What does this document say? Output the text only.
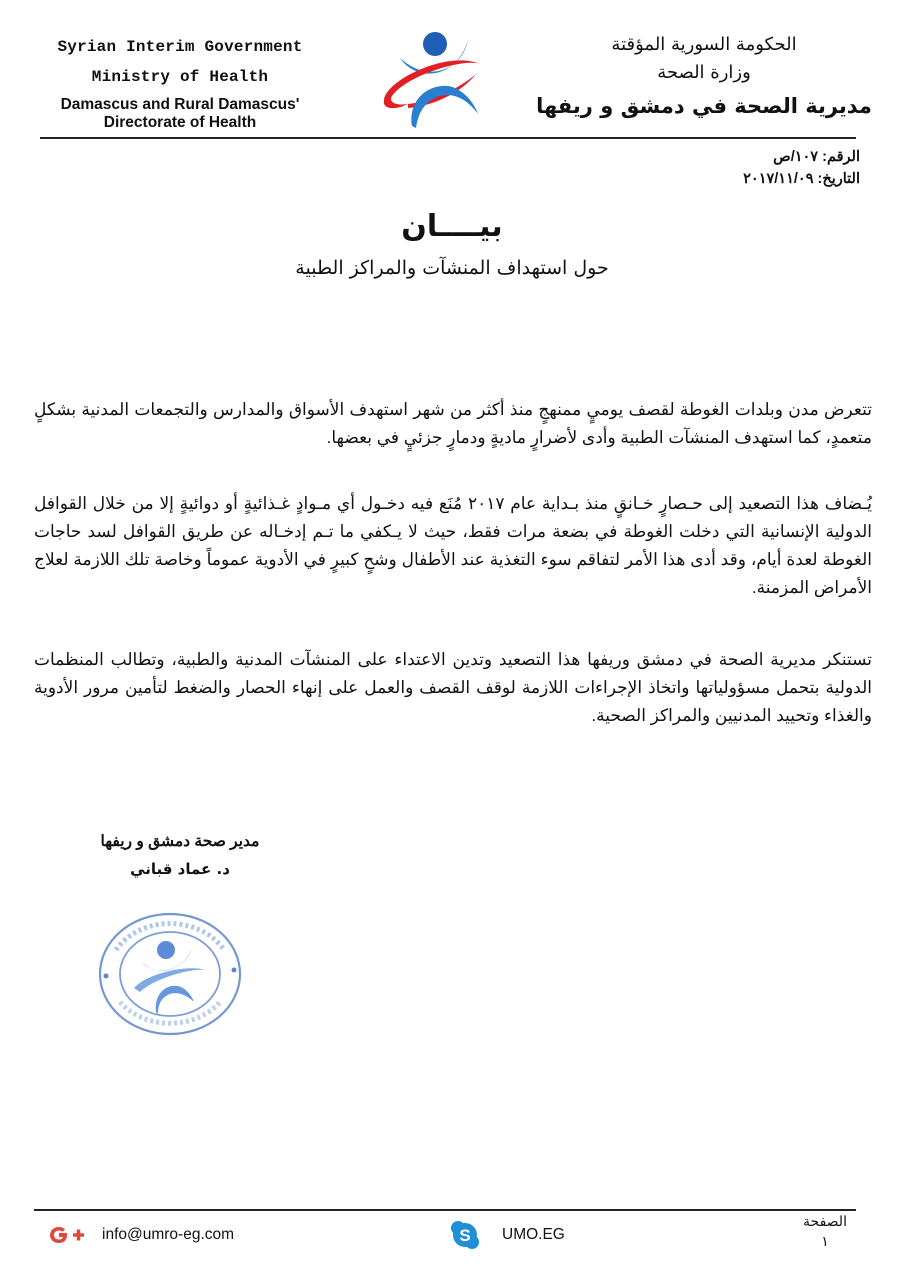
Syrian Interim Government
Ministry of Health
Damascus and Rural Damascus'
Directorate of Health
الحكومة السورية المؤقتة
وزارة الصحة
مديرية الصحة في دمشق و ريفها
الرقم: ١٠٧/ص
التاريخ: ٢٠١٧/١١/٠٩
بيــــان
حول استهداف المنشآت والمراكز الطبية
تتعرض مدن وبلدات الغوطة لقصف يوميٍ ممنهجٍ منذ أكثر من شهر استهدف الأسواق والمدارس والتجمعات المدنية بشكلٍ متعمدٍ، كما استهدف المنشآت الطبية وأدى لأضرارٍ ماديةٍ ودمارٍ جزئيٍ في بعضها.
يُـضاف هذا التصعيد إلى حـصارٍ خـانقٍ منذ بـداية عام ٢٠١٧ مُنَع فيه دخـول أي مـوادٍ غـذائيةٍ أو دوائيةٍ إلا من خلال القوافل الدولية الإنسانية التي دخلت الغوطة في بضعة مرات فقط، حيث لا يـكفي ما تـم إدخـاله عن طريق القوافل لسد حاجات الغوطة لعدة أيام، وقد أدى هذا الأمر لتفاقم سوء التغذية عند الأطفال وشحٍ كبيرٍ في الأدوية عموماً وخاصة تلك اللازمة لعلاج الأمراض المزمنة.
تستنكر مديرية الصحة في دمشق وريفها هذا التصعيد وتدين الاعتداء على المنشآت المدنية والطبية، وتطالب المنظمات الدولية بتحمل مسؤولياتها واتخاذ الإجراءات اللازمة لوقف القصف والعمل على إنهاء الحصار والضغط لتأمين مرور الأدوية والغذاء وتحييد المدنيين والمراكز الصحية.
مدير صحة دمشق و ريفها
د. عماد قباني
info@umro-eg.com	S UMO.EG
الصفحة
١
